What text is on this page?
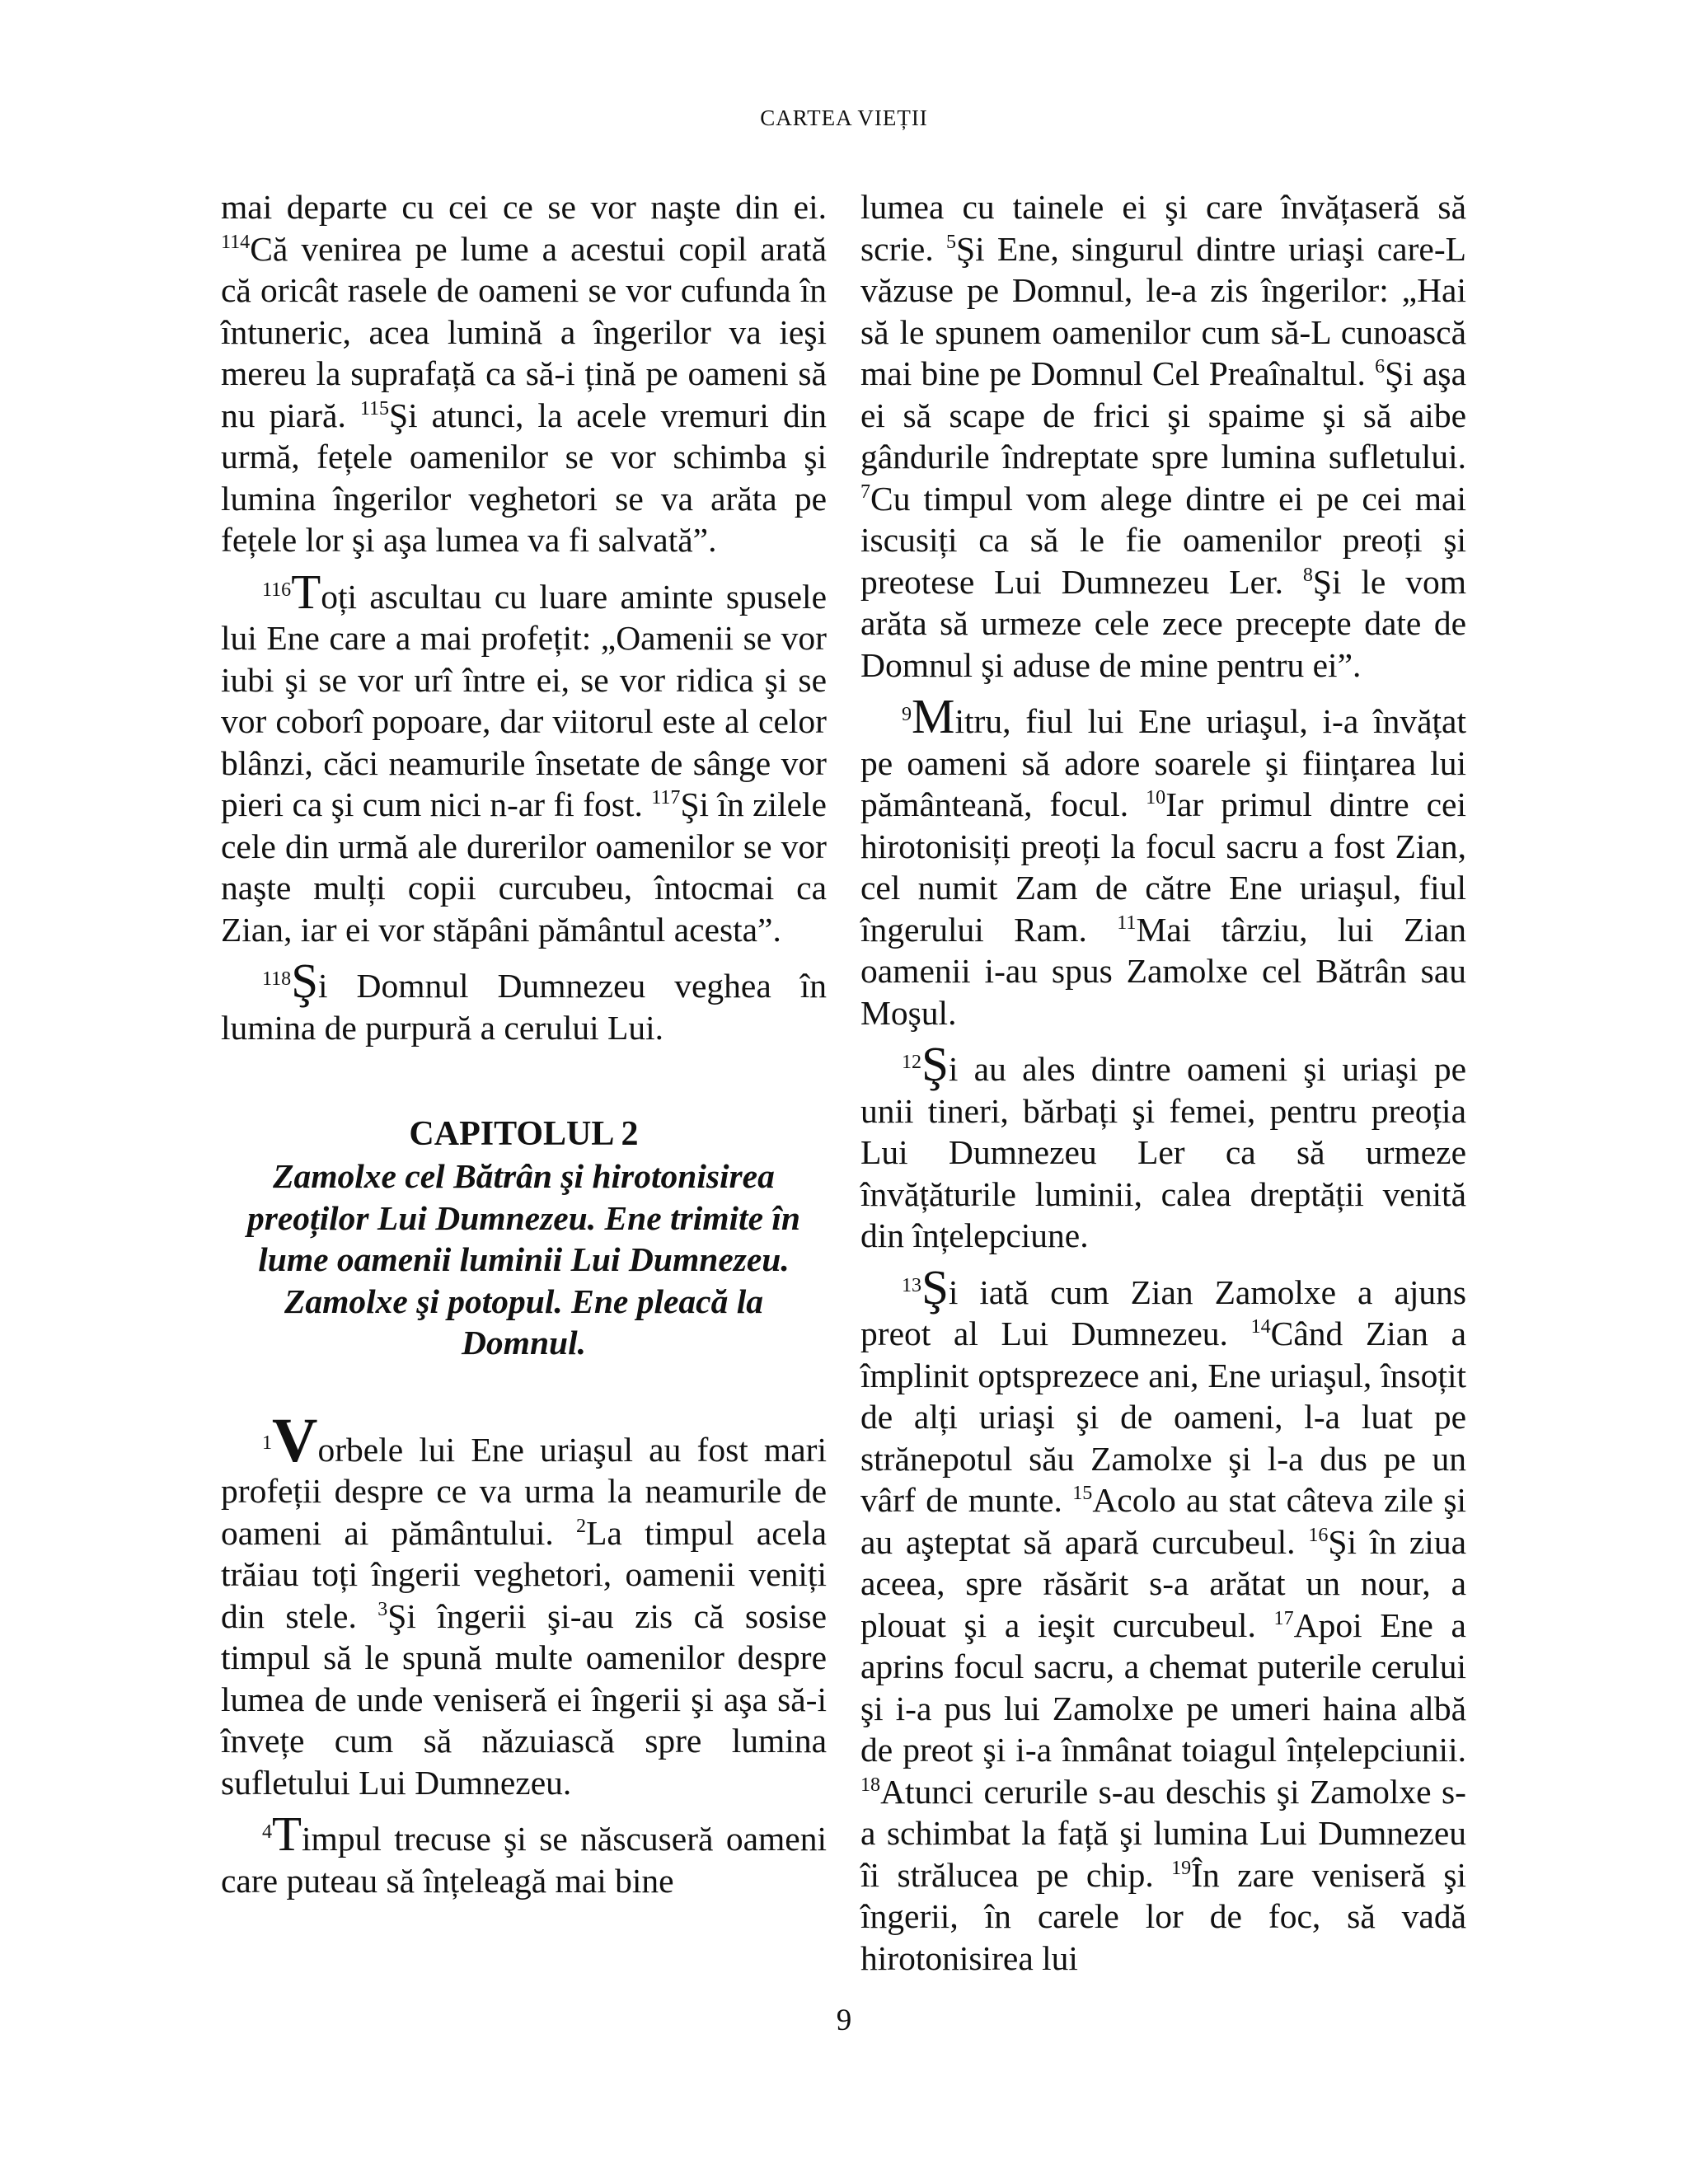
CARTEA VIEȚII

mai departe cu cei ce se vor naşte din ei. $^{114}$Că venirea pe lume a acestui copil arată că oricât rasele de oameni se vor cufunda în întuneric, acea lumină a îngerilor va ieşi mereu la suprafață ca să-i țină pe oameni să nu piară. $^{115}$Şi atunci, la acele vremuri din urmă, fețele oamenilor se vor schimba şi lumina îngerilor veghetori se va arăta pe fețele lor şi aşa lumea va fi salvată”.

$^{116}$Toți ascultau cu luare aminte spusele lui Ene care a mai profețit: „Oamenii se vor iubi şi se vor urî între ei, se vor ridica şi se vor coborî popoare, dar viitorul este al celor blânzi, căci neamurile însetate de sânge vor pieri ca şi cum nici n-ar fi fost. $^{117}$Şi în zilele cele din urmă ale durerilor oamenilor se vor naşte mulți copii curcubeu, întocmai ca Zian, iar ei vor stăpâni pământul acesta”.

$^{118}$Şi Domnul Dumnezeu veghea în lumina de purpură a cerului Lui.

CAPITOLUL 2
Zamolxe cel Bătrân şi hirotonisirea preoților Lui Dumnezeu. Ene trimite în lume oamenii luminii Lui Dumnezeu. Zamolxe şi potopul. Ene pleacă la Domnul.

$^1$Vorbele lui Ene uriaşul au fost mari profeții despre ce va urma la neamurile de oameni ai pământului. $^2$La timpul acela trăiau toți îngerii veghetori, oamenii veniți din stele. $^3$Şi îngerii şi-au zis că sosise timpul să le spună multe oamenilor despre lumea de unde veniseră ei îngerii şi aşa să-i învețe cum să năzuiască spre lumina sufletului Lui Dumnezeu.

$^4$Timpul trecuse şi se născuseră oameni care puteau să înțeleagă mai bine

lumea cu tainele ei şi care învățaseră să scrie. $^5$Şi Ene, singurul dintre uriaşi care-L văzuse pe Domnul, le-a zis îngerilor: „Hai să le spunem oamenilor cum să-L cunoască mai bine pe Domnul Cel Preaînaltul. $^6$Şi aşa ei să scape de frici şi spaime şi să aibe gândurile îndreptate spre lumina sufletului. $^7$Cu timpul vom alege dintre ei pe cei mai iscusiți ca să le fie oamenilor preoți şi preotese Lui Dumnezeu Ler. $^8$Şi le vom arăta să urmeze cele zece precepte date de Domnul şi aduse de mine pentru ei”.

$^9$Mitru, fiul lui Ene uriaşul, i-a învățat pe oameni să adore soarele şi ființarea lui pământeană, focul. $^{10}$Iar primul dintre cei hirotonisiți preoți la focul sacru a fost Zian, cel numit Zam de către Ene uriaşul, fiul îngerului Ram. $^{11}$Mai târziu, lui Zian oamenii i-au spus Zamolxe cel Bătrân sau Moşul.

$^{12}$Şi au ales dintre oameni şi uriaşi pe unii tineri, bărbați şi femei, pentru preoția Lui Dumnezeu Ler ca să urmeze învățăturile luminii, calea dreptății venită din înțelepciune.

$^{13}$Şi iată cum Zian Zamolxe a ajuns preot al Lui Dumnezeu. $^{14}$Când Zian a împlinit optsprezece ani, Ene uriaşul, însoțit de alți uriaşi şi de oameni, l-a luat pe strănepotul său Zamolxe şi l-a dus pe un vârf de munte. $^{15}$Acolo au stat câteva zile şi au aşteptat să apară curcubeul. $^{16}$Şi în ziua aceea, spre răsărit s-a arătat un nour, a plouat şi a ieşit curcubeul. $^{17}$Apoi Ene a aprins focul sacru, a chemat puterile cerului şi i-a pus lui Zamolxe pe umeri haina albă de preot şi i-a înmânat toiagul înțelepciunii. $^{18}$Atunci cerurile s-au deschis şi Zamolxe s-a schimbat la față şi lumina Lui Dumnezeu îi strălucea pe chip. $^{19}$În zare veniseră şi îngerii, în carele lor de foc, să vadă hirotonisirea lui

9
